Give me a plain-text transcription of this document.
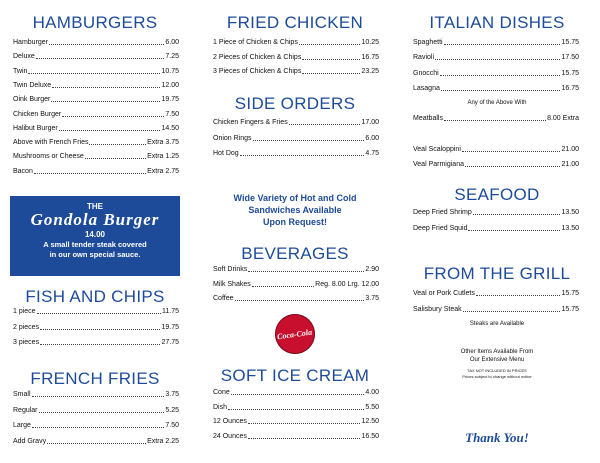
HAMBURGERS
Hamburger	6.00
Deluxe	7.25
Twin	10.75
Twin Deluxe	12.00
Oink Burger	19.75
Chicken Burger	7.50
Halibut Burger	14.50
Above with French Fries	Extra 3.75
Mushrooms or Cheese	Extra 1.25
Bacon	Extra 2.75
THE
Gondola Burger
14.00
A small tender steak covered
in our own special sauce.
FISH AND CHIPS
1 piece	11.75
2 pieces	19.75
3 pieces	27.75
FRENCH FRIES
Small	3.75
Regular	5.25
Large	7.50
Add Gravy	Extra 2.25
FRIED CHICKEN
1 Piece of Chicken & Chips	10.25
2 Pieces of Chicken & Chips	16.75
3 Pieces of Chicken & Chips	23.25
SIDE ORDERS
Chicken Fingers & Fries	17.00
Onion Rings	6.00
Hot Dog	4.75
Wide Variety of Hot and Cold
Sandwiches Available
Upon Request!
BEVERAGES
Soft Drinks	2.90
Milk Shakes	Reg. 8.00 Lrg. 12.00
Coffee	3.75
Coca-Cola
SOFT ICE CREAM
Cone	4.00
Dish	5.50
12 Ounces	12.50
24 Ounces	16.50
ITALIAN DISHES
Spaghetti	15.75
Ravioli	17.50
Gnocchi	15.75
Lasagna	16.75
Any of the Above With
Meatballs	8.00 Extra
Veal Scaloppini	21.00
Veal Parmigiana	21.00
SEAFOOD
Deep Fried Shrimp	13.50
Deep Fried Squid	13.50
FROM THE GRILL
Veal or Pork Cutlets	15.75
Salisbury Steak	15.75
Steaks are Available
Other Items Available From
Our Extensive Menu
TAX NOT INCLUDED IN PRICES
Prices subject to change without notice
Thank You!
